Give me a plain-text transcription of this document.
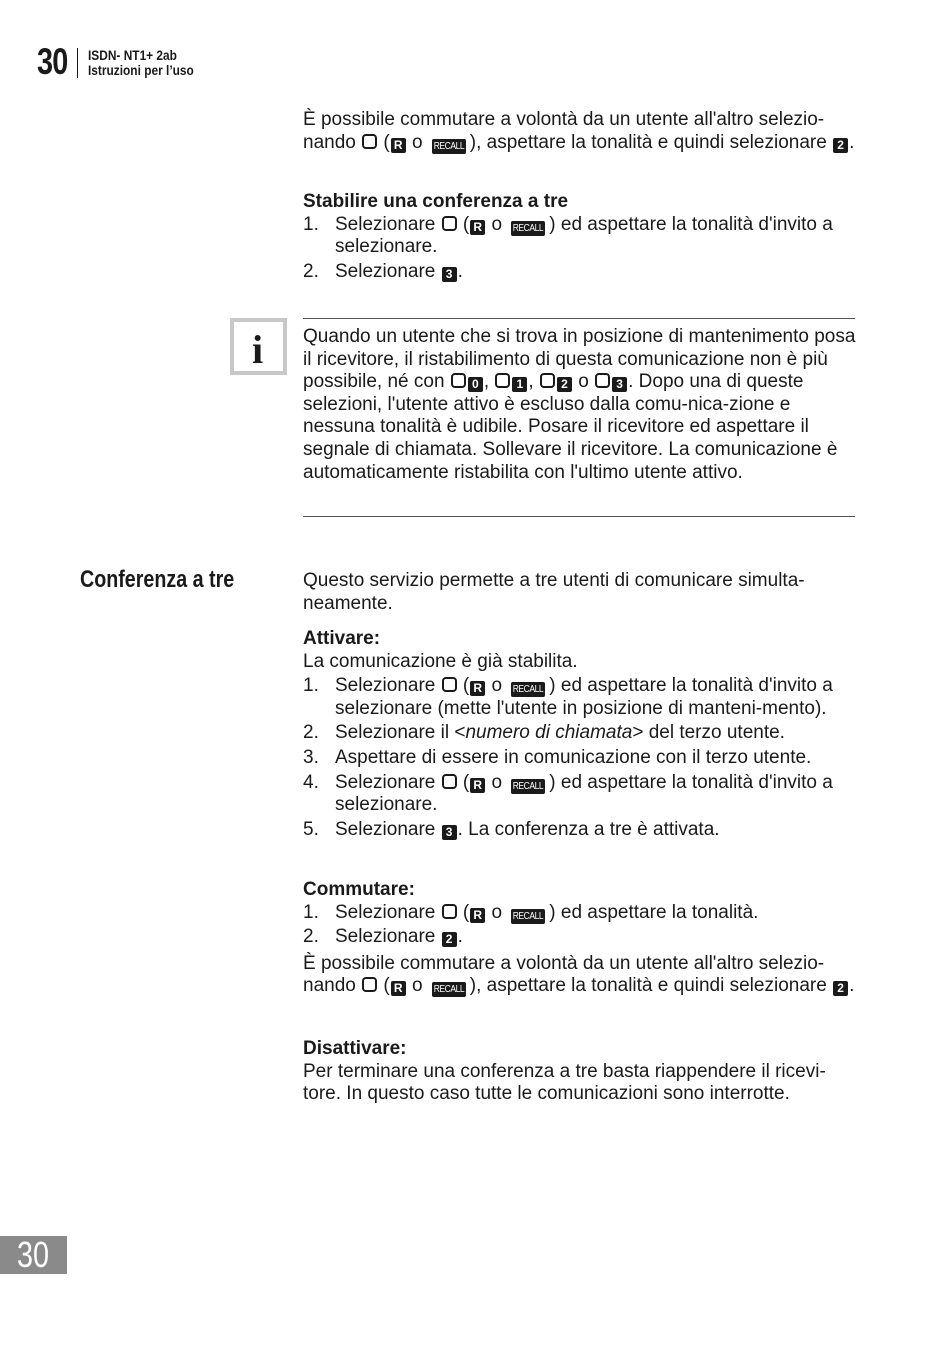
30 ISDN- NT1+ 2ab
Istruzioni per l’uso

È possibile commutare a volontà da un utente all'altro selezio-nando  ( R o RECALL ), aspettare la tonalità e quindi selezionare 2 .

Stabilire una conferenza a tre

1. Selezionare  ( R o RECALL ) ed aspettare la tonalità d'invito a selezionare.
2. Selezionare 3 .
i Quando un utente che si trova in posizione di mantenimento posa il ricevitore, il ristabilimento di questa comunicazione non è più possibile, né con 0 , 1 , 2 o 3 . Dopo una di queste selezioni, l'utente attivo è escluso dalla comu-nica-zione e nessuna tonalità è udibile. Posare il ricevitore ed aspettare il segnale di chiamata. Sollevare il ricevitore. La comunicazione è automaticamente ristabilita con l'ultimo utente attivo.

Conferenza a tre	Questo servizio permette a tre utenti di comunicare simulta-neamente.

Attivare:

La comunicazione è già stabilita.

1. Selezionare  ( R o RECALL ) ed aspettare la tonalità d'invito a selezionare (mette l'utente in posizione di manteni-mento).
2. Selezionare il <numero di chiamata> del terzo utente.
3. Aspettare di essere in comunicazione con il terzo utente.
4. Selezionare  ( R o RECALL ) ed aspettare la tonalità d'invito a selezionare.
5. Selezionare 3 . La conferenza a tre è attivata.

Commutare:

1. Selezionare  ( R o RECALL ) ed aspettare la tonalità.
2. Selezionare 2 .

È possibile commutare a volontà da un utente all'altro selezio-nando  ( R o RECALL ), aspettare la tonalità e quindi selezionare 2 .

Disattivare:

Per terminare una conferenza a tre basta riappendere il ricevi-tore. In questo caso tutte le comunicazioni sono interrotte.

30
